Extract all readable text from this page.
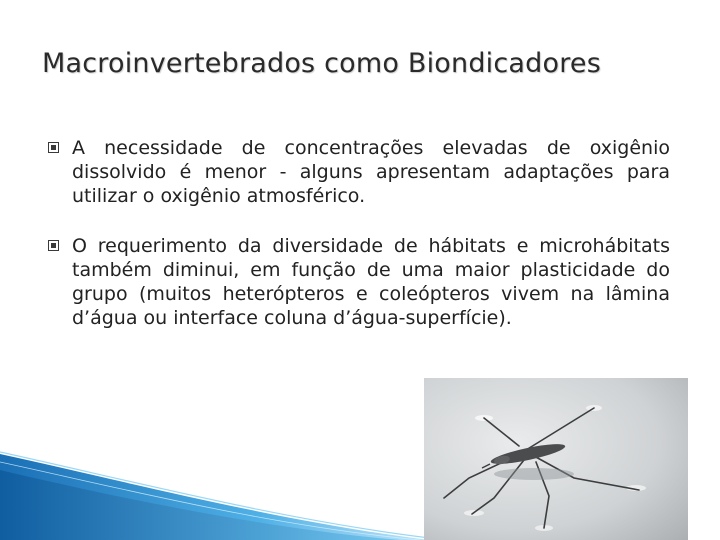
Macroinvertebrados como Biondicadores
A necessidade de concentrações elevadas de oxigênio dissolvido é menor - alguns apresentam adaptações para utilizar o oxigênio atmosférico.
O requerimento da diversidade de hábitats e microhábitats também diminui, em função de uma maior plasticidade do grupo (muitos heterópteros e coleópteros vivem na lâmina d’água ou interface coluna d’água-superfície).
